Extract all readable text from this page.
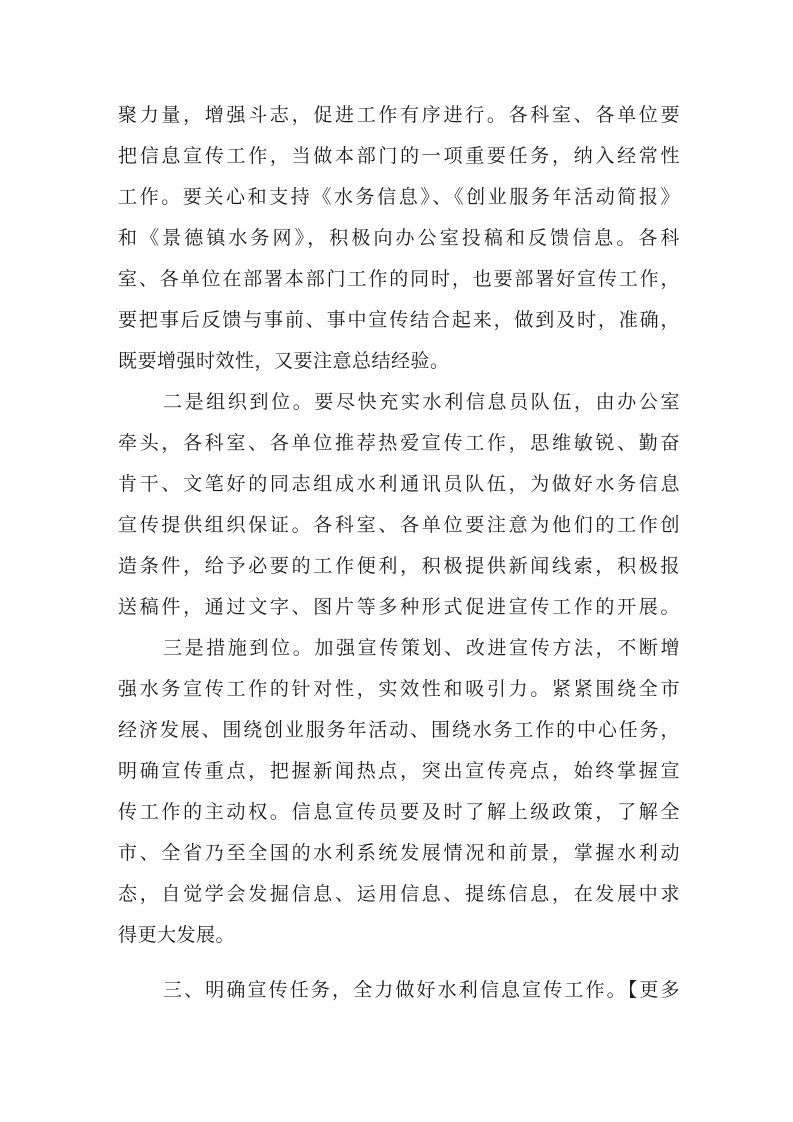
聚力量，增强斗志，促进工作有序进行。各科室、各单位要
把信息宣传工作，当做本部门的一项重要任务，纳入经常性
工作。要关心和支持《水务信息》、《创业服务年活动简报》
和《景德镇水务网》，积极向办公室投稿和反馈信息。各科
室、各单位在部署本部门工作的同时，也要部署好宣传工作，
要把事后反馈与事前、事中宣传结合起来，做到及时，准确，
既要增强时效性，又要注意总结经验。
二是组织到位。要尽快充实水利信息员队伍，由办公室
牵头，各科室、各单位推荐热爱宣传工作，思维敏锐、勤奋
肯干、文笔好的同志组成水利通讯员队伍，为做好水务信息
宣传提供组织保证。各科室、各单位要注意为他们的工作创
造条件，给予必要的工作便利，积极提供新闻线索，积极报
送稿件，通过文字、图片等多种形式促进宣传工作的开展。
三是措施到位。加强宣传策划、改进宣传方法，不断增
强水务宣传工作的针对性，实效性和吸引力。紧紧围绕全市
经济发展、围绕创业服务年活动、围绕水务工作的中心任务，
明确宣传重点，把握新闻热点，突出宣传亮点，始终掌握宣
传工作的主动权。信息宣传员要及时了解上级政策，了解全
市、全省乃至全国的水利系统发展情况和前景，掌握水利动
态，自觉学会发掘信息、运用信息、提练信息，在发展中求
得更大发展。
三、明确宣传任务，全力做好水利信息宣传工作。【更多
